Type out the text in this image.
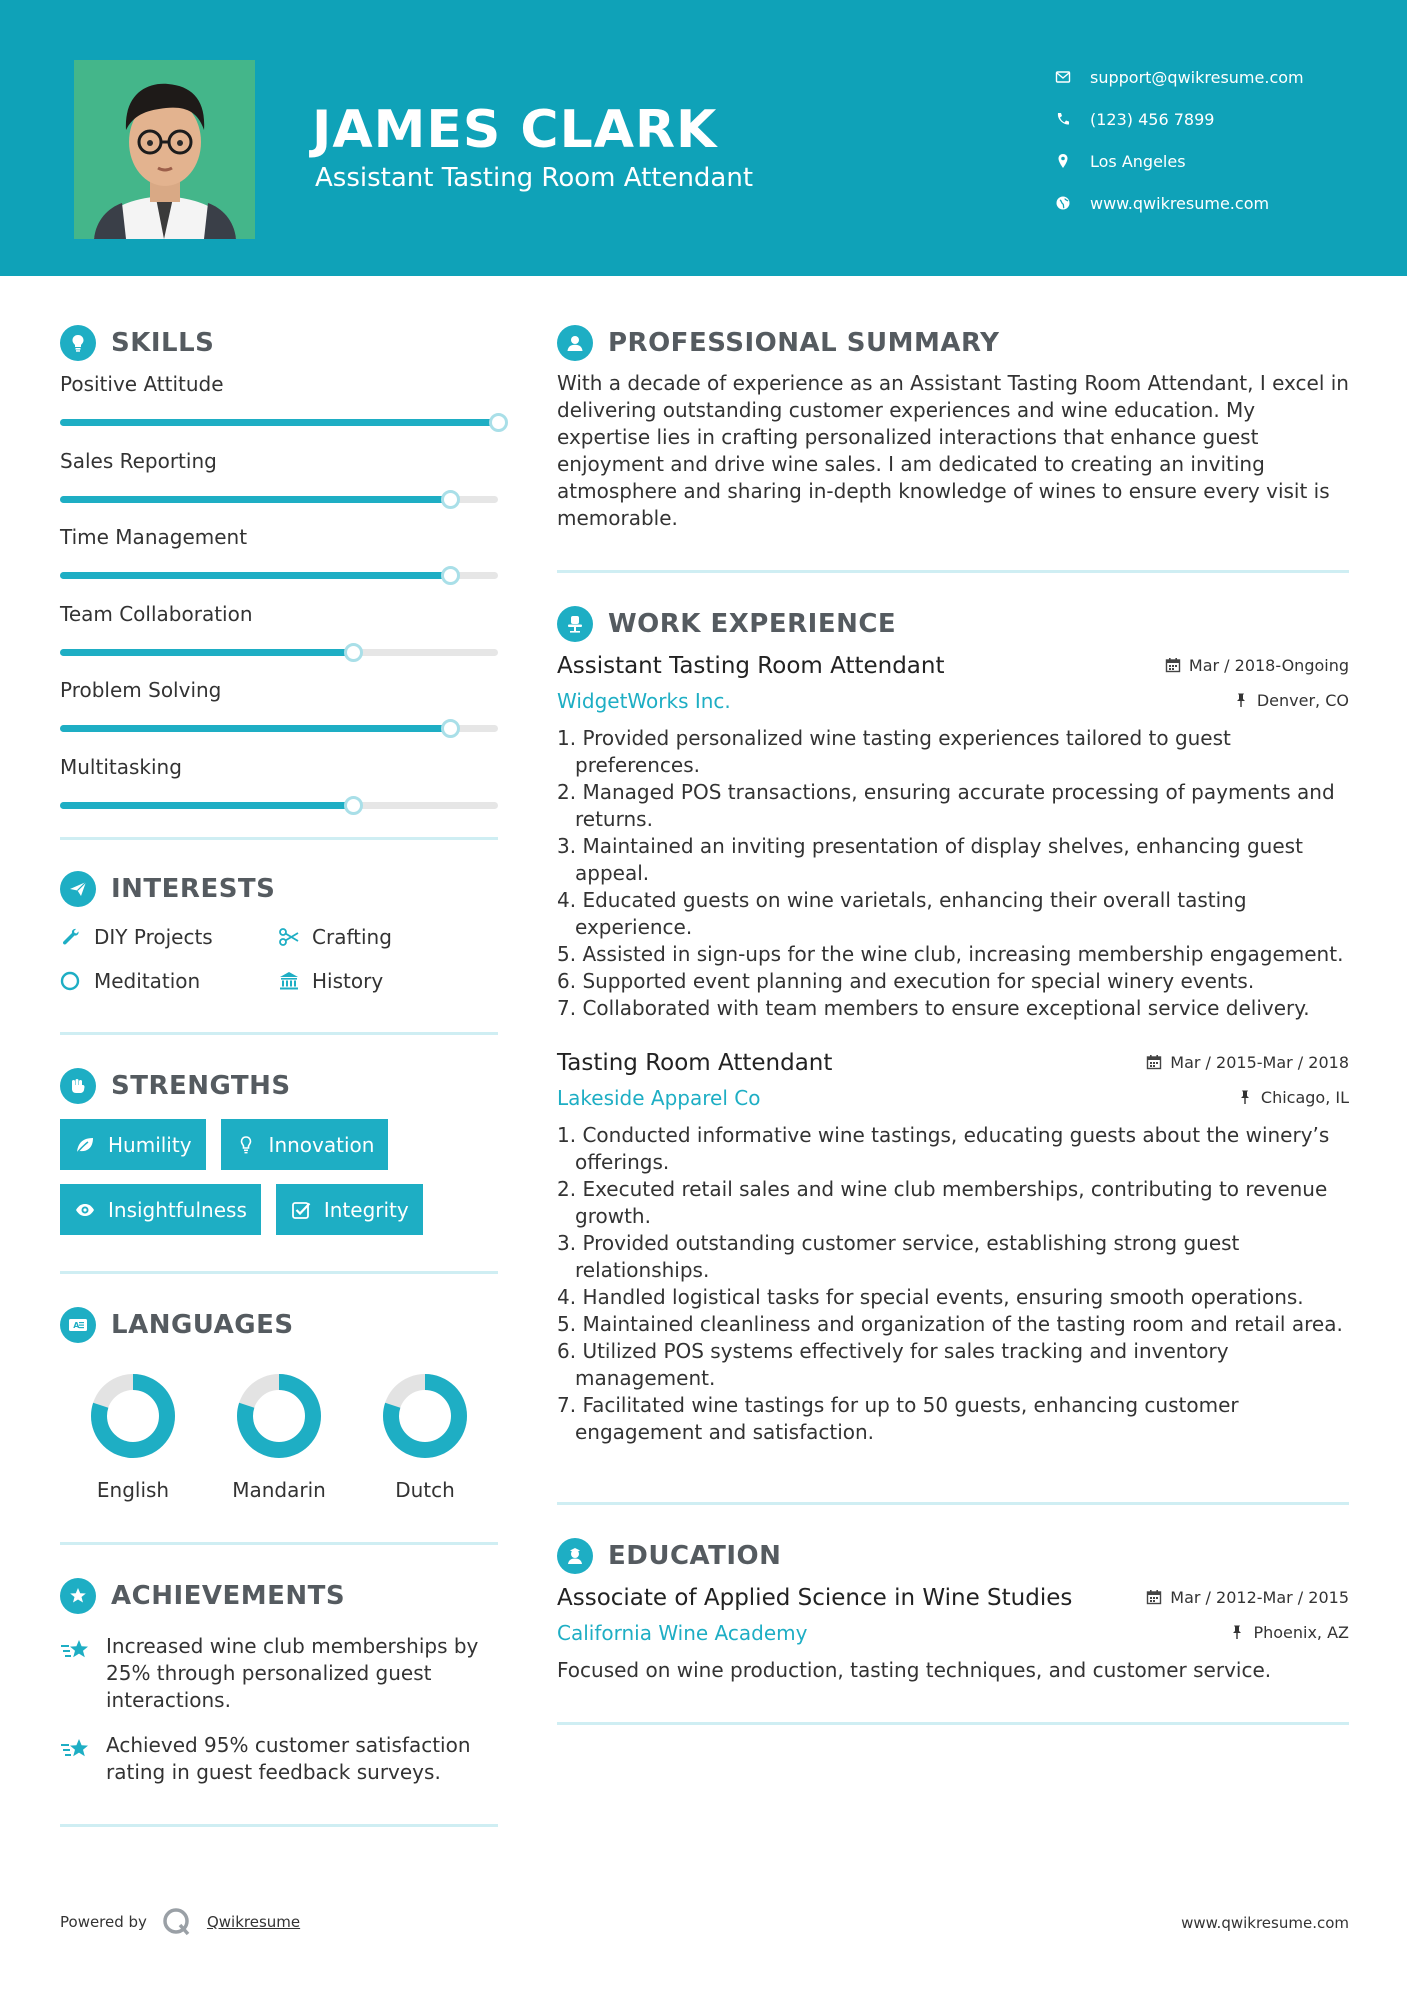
JAMES CLARK
Assistant Tasting Room Attendant
support@qwikresume.com
(123) 456 7899
Los Angeles
www.qwikresume.com
SKILLS
Positive Attitude
Sales Reporting
Time Management
Team Collaboration
Problem Solving
Multitasking
INTERESTS
DIY Projects	Crafting
Meditation	History
STRENGTHS
Humility	Innovation
Insightfulness	Integrity
A LANGUAGES
English	Mandarin	Dutch
ACHIEVEMENTS
Increased wine club memberships by 25% through personalized guest interactions.
Achieved 95% customer satisfaction rating in guest feedback surveys.
PROFESSIONAL SUMMARY
With a decade of experience as an Assistant Tasting Room Attendant, I excel in delivering outstanding customer experiences and wine education. My expertise lies in crafting personalized interactions that enhance guest enjoyment and drive wine sales. I am dedicated to creating an inviting atmosphere and sharing in-depth knowledge of wines to ensure every visit is memorable.
WORK EXPERIENCE
Assistant Tasting Room Attendant	Mar / 2018-Ongoing
WidgetWorks Inc.	Denver, CO
1. Provided personalized wine tasting experiences tailored to guest preferences.
2. Managed POS transactions, ensuring accurate processing of payments and returns.
3. Maintained an inviting presentation of display shelves, enhancing guest appeal.
4. Educated guests on wine varietals, enhancing their overall tasting experience.
5. Assisted in sign-ups for the wine club, increasing membership engagement.
6. Supported event planning and execution for special winery events.
7. Collaborated with team members to ensure exceptional service delivery.
Tasting Room Attendant	Mar / 2015-Mar / 2018
Lakeside Apparel Co	Chicago, IL
1. Conducted informative wine tastings, educating guests about the winery’s offerings.
2. Executed retail sales and wine club memberships, contributing to revenue growth.
3. Provided outstanding customer service, establishing strong guest relationships.
4. Handled logistical tasks for special events, ensuring smooth operations.
5. Maintained cleanliness and organization of the tasting room and retail area.
6. Utilized POS systems effectively for sales tracking and inventory management.
7. Facilitated wine tastings for up to 50 guests, enhancing customer engagement and satisfaction.
EDUCATION
Associate of Applied Science in Wine Studies	Mar / 2012-Mar / 2015
California Wine Academy	Phoenix, AZ
Focused on wine production, tasting techniques, and customer service.
Powered by	Qwikresume	www.qwikresume.com
